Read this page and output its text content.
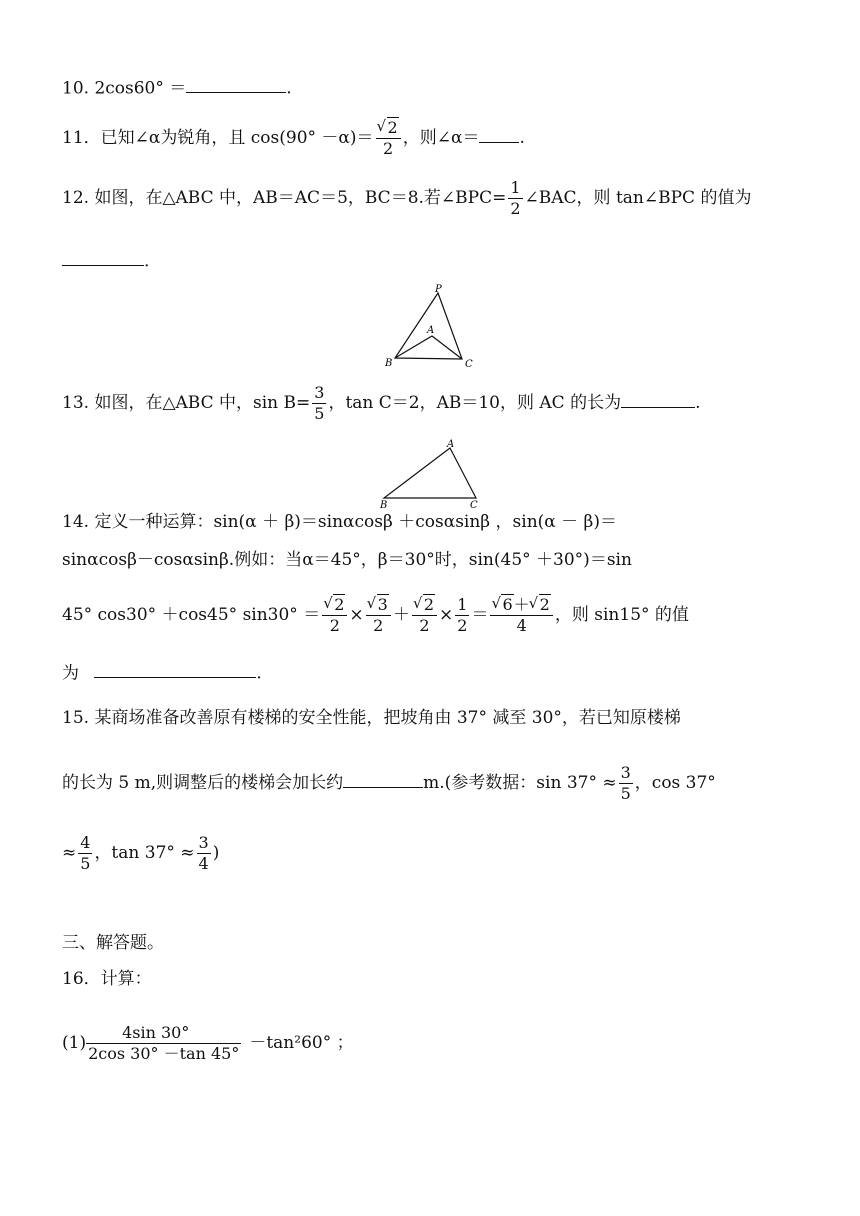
10. 2cos60° ＝	.
11．已知∠α为锐角，且 cos(90° －α)＝ √ $\frac{2}{2}$ ，则∠α＝ .
12. 如图，在△ABC 中，AB＝AC＝5，BC＝8.若∠BPC= $\frac{1}{2}$ ∠BAC，则 tan∠BPC 的值为
.
P
A
B	C
13. 如图，在△ABC 中，$\sin B= \frac{3}{5}$ ，tan C＝2，AB＝10，则 AC 的长为	.
A
B	C
14. 定义一种运算：sin(α ＋ β)＝sinαcosβ ＋cosαsinβ ，sin(α － β)＝
sinαcosβ－cosαsinβ.例如：当α＝45°，β＝30°时，sin(45° ＋30°)＝sin
45° cos30° ＋cos45° sin30° ＝ √ $\frac{2}{2}$ × √ $\frac{3}{2}$ ＋ √ $\frac{2}{2} \times \frac{1}{2}$ ＝ √ $\frac{6+ √ 2}{4}$ ，则 sin15° 的值
为	.
15. 某商场准备改善原有楼梯的安全性能，把坡角由 37° 减至 30°，若已知原楼梯
的长为 5 m,则调整后的楼梯会加长约	m.(参考数据：$\sin 37^\circ \approx \frac{3}{5}$ ，cos 37°
≈ $\frac{4}{5}$ ，$\tan 37^\circ \approx \frac{3}{4}$ )
三、解答题。
16．计算：
$(1) \frac{4\sin 30^\circ}{2\cos 30^\circ -\tan 45^\circ} -\tan^260^\circ$ ；
